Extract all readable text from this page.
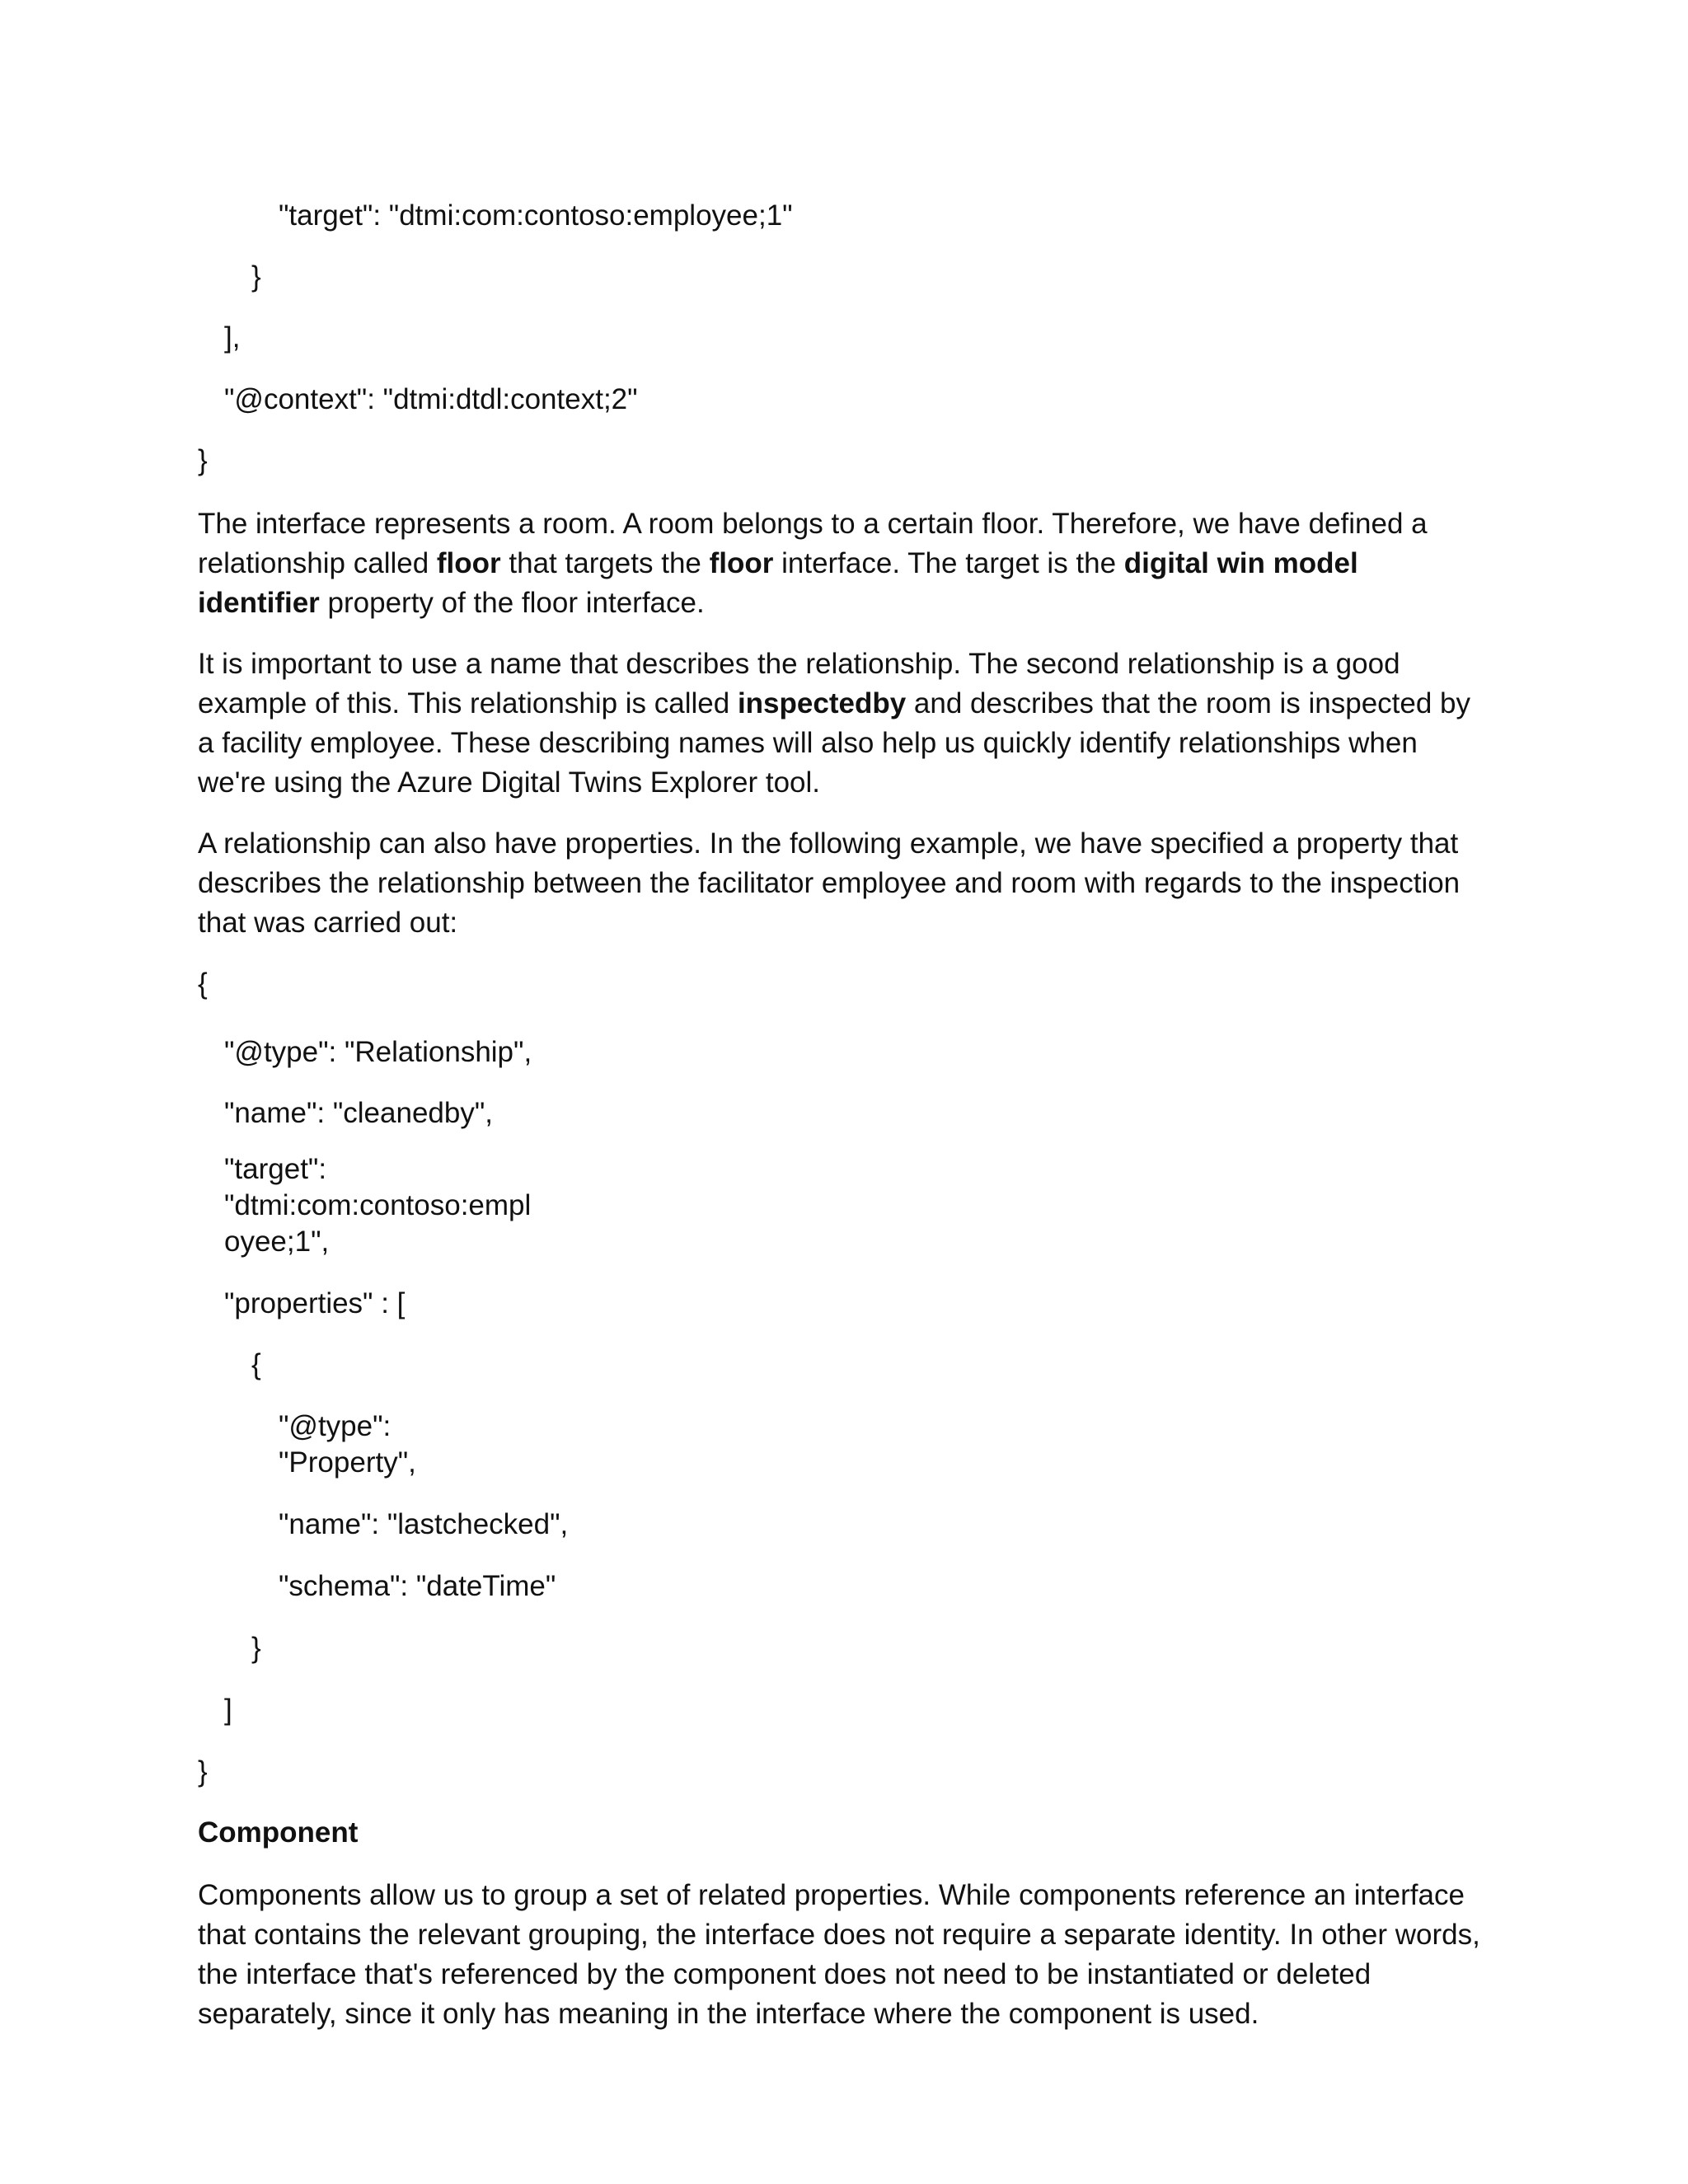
"target": "dtmi:com:contoso:employee;1"
}
],
"@context": "dtmi:dtdl:context;2"
}
The interface represents a room. A room belongs to a certain floor. Therefore, we have defined a relationship called floor that targets the floor interface. The target is the digital win model identifier property of the floor interface.
It is important to use a name that describes the relationship. The second relationship is a good example of this. This relationship is called inspectedby and describes that the room is inspected by a facility employee. These describing names will also help us quickly identify relationships when we're using the Azure Digital Twins Explorer tool.
A relationship can also have properties. In the following example, we have specified a property that describes the relationship between the facilitator employee and room with regards to the inspection that was carried out:
{
"@type": "Relationship",
"name": "cleanedby",
"target":
"dtmi:com:contoso:empl
oyee;1",
"properties" : [
{
"@type":
"Property",
"name": "lastchecked",
"schema": "dateTime"
}
]
}
Component
Components allow us to group a set of related properties. While components reference an interface that contains the relevant grouping, the interface does not require a separate identity. In other words, the interface that's referenced by the component does not need to be instantiated or deleted separately, since it only has meaning in the interface where the component is used.
